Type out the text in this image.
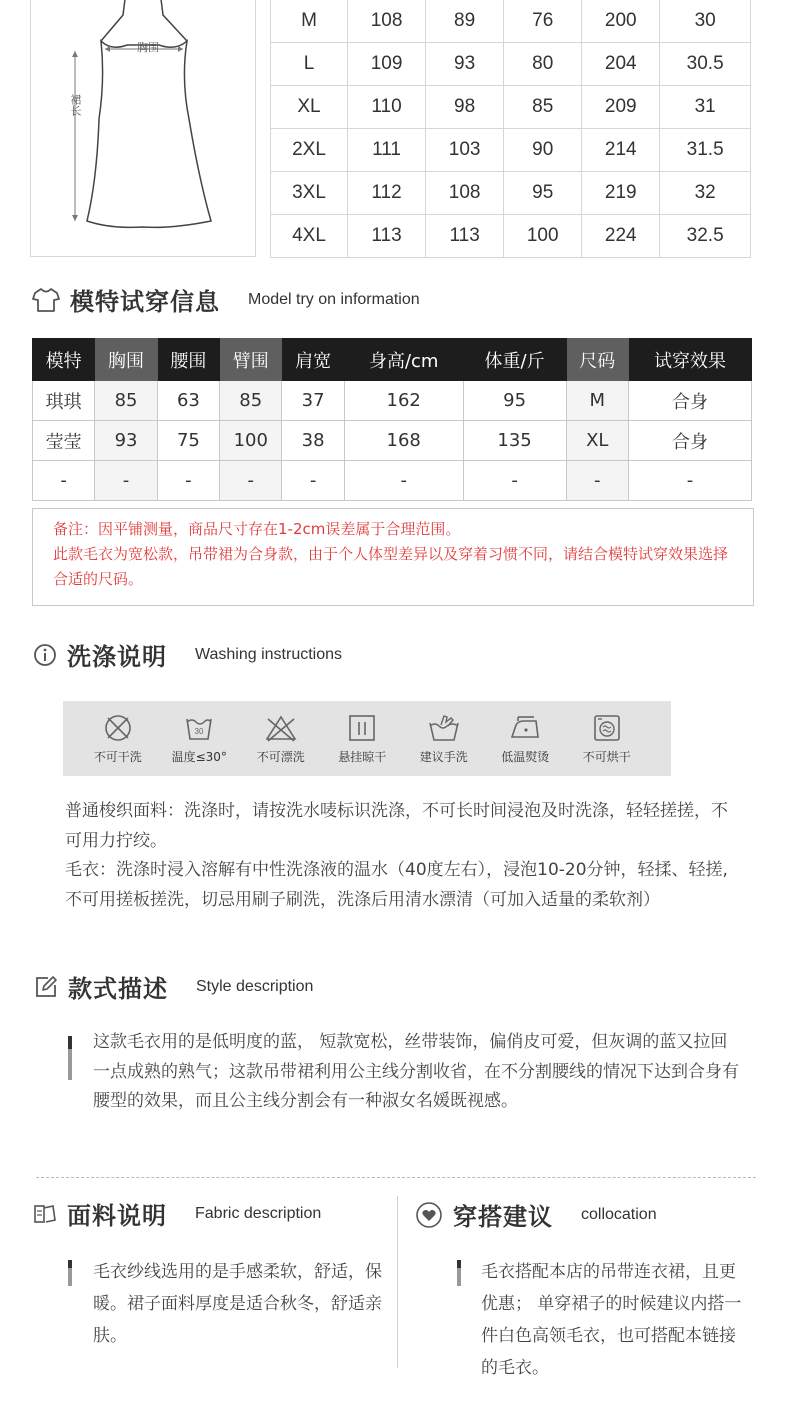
胸围
裙长
M	108	89	76	200	30
L	109	93	80	204	30.5
XL	110	98	85	209	31
2XL	111	103	90	214	31.5
3XL	112	108	95	219	32
4XL	113	113	100	224	32.5
模特试穿信息 Model try on information
模特	胸围	腰围	臂围	肩宽	身高/cm	体重/斤	尺码	试穿效果
琪琪	85	63	85	37	162	95	M	合身
莹莹	93	75	100	38	168	135	XL	合身
-	-	-	-	-	-	-	-	-
备注：因平铺测量，商品尺寸存在1-2cm误差属于合理范围。
此款毛衣为宽松款，吊带裙为合身款，由于个人体型差异以及穿着习惯不同，请结合模特试穿效果选择合适的尺码。
洗涤说明 Washing instructions
不可干洗
30
温度≤30° 不可漂洗	悬挂晾干	建议手洗	低温熨烫	不可烘干
普通梭织面料：洗涤时，请按洗水唛标识洗涤，不可长时间浸泡及时洗涤，轻轻搓搓，不可用力拧绞。
毛衣：洗涤时浸入溶解有中性洗涤液的温水（40度左右），浸泡10-20分钟，轻揉、轻搓,不可用搓板搓洗，切忌用刷子刷洗，洗涤后用清水漂清（可加入适量的柔软剂）
款式描述 Style description
这款毛衣用的是低明度的蓝， 短款宽松，丝带装饰，偏俏皮可爱，但灰调的蓝又拉回一点成熟的熟气；这款吊带裙利用公主线分割收省，在不分割腰线的情况下达到合身有腰型的效果，而且公主线分割会有一种淑女名媛既视感。
面料说明 Fabric description
毛衣纱线选用的是手感柔软，舒适，保暖。裙子面料厚度是适合秋冬，舒适亲肤。
穿搭建议 collocation
毛衣搭配本店的吊带连衣裙，且更优惠； 单穿裙子的时候建议内搭一件白色高领毛衣，也可搭配本链接的毛衣。
